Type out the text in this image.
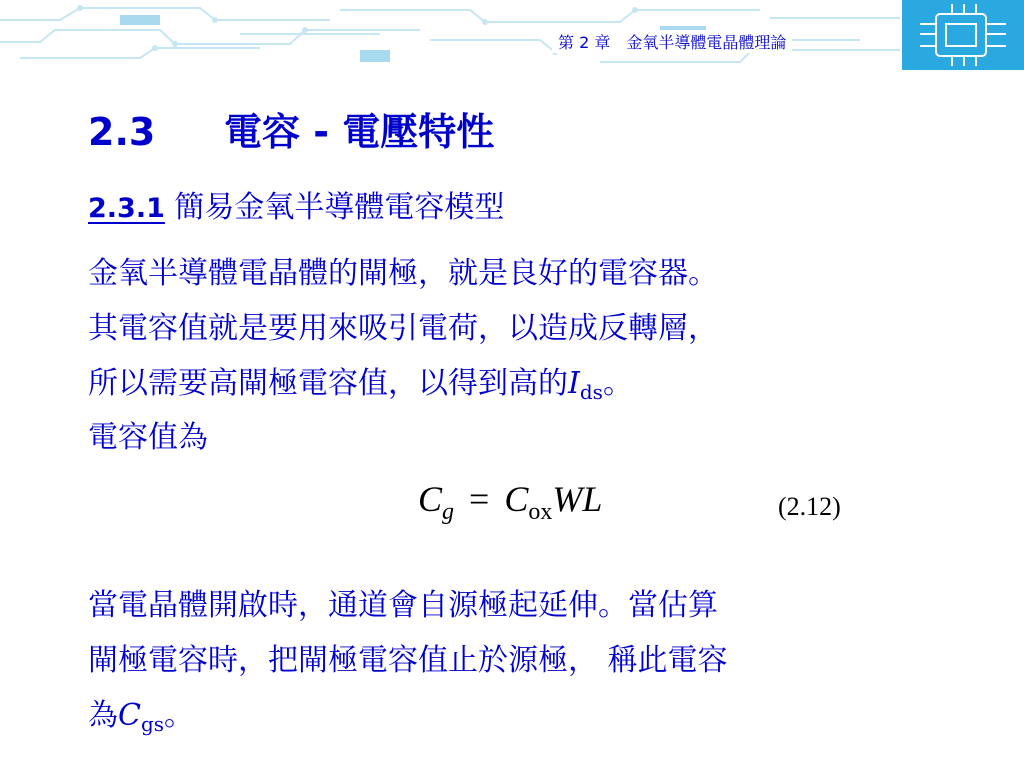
第 2 章　金氧半導體電晶體理論
2.3 電容 - 電壓特性
2.3.1 簡易金氧半導體電容模型
金氧半導體電晶體的閘極，就是良好的電容器。
其電容值就是要用來吸引電荷，以造成反轉層，
所以需要高閘極電容值，以得到高的$I_{ds}$。
電容值為
$C_g = C_{ox}WL$	(2.12)
當電晶體開啟時，通道會自源極起延伸。當估算
閘極電容時，把閘極電容值止於源極， 稱此電容
為$C_{gs}$。
